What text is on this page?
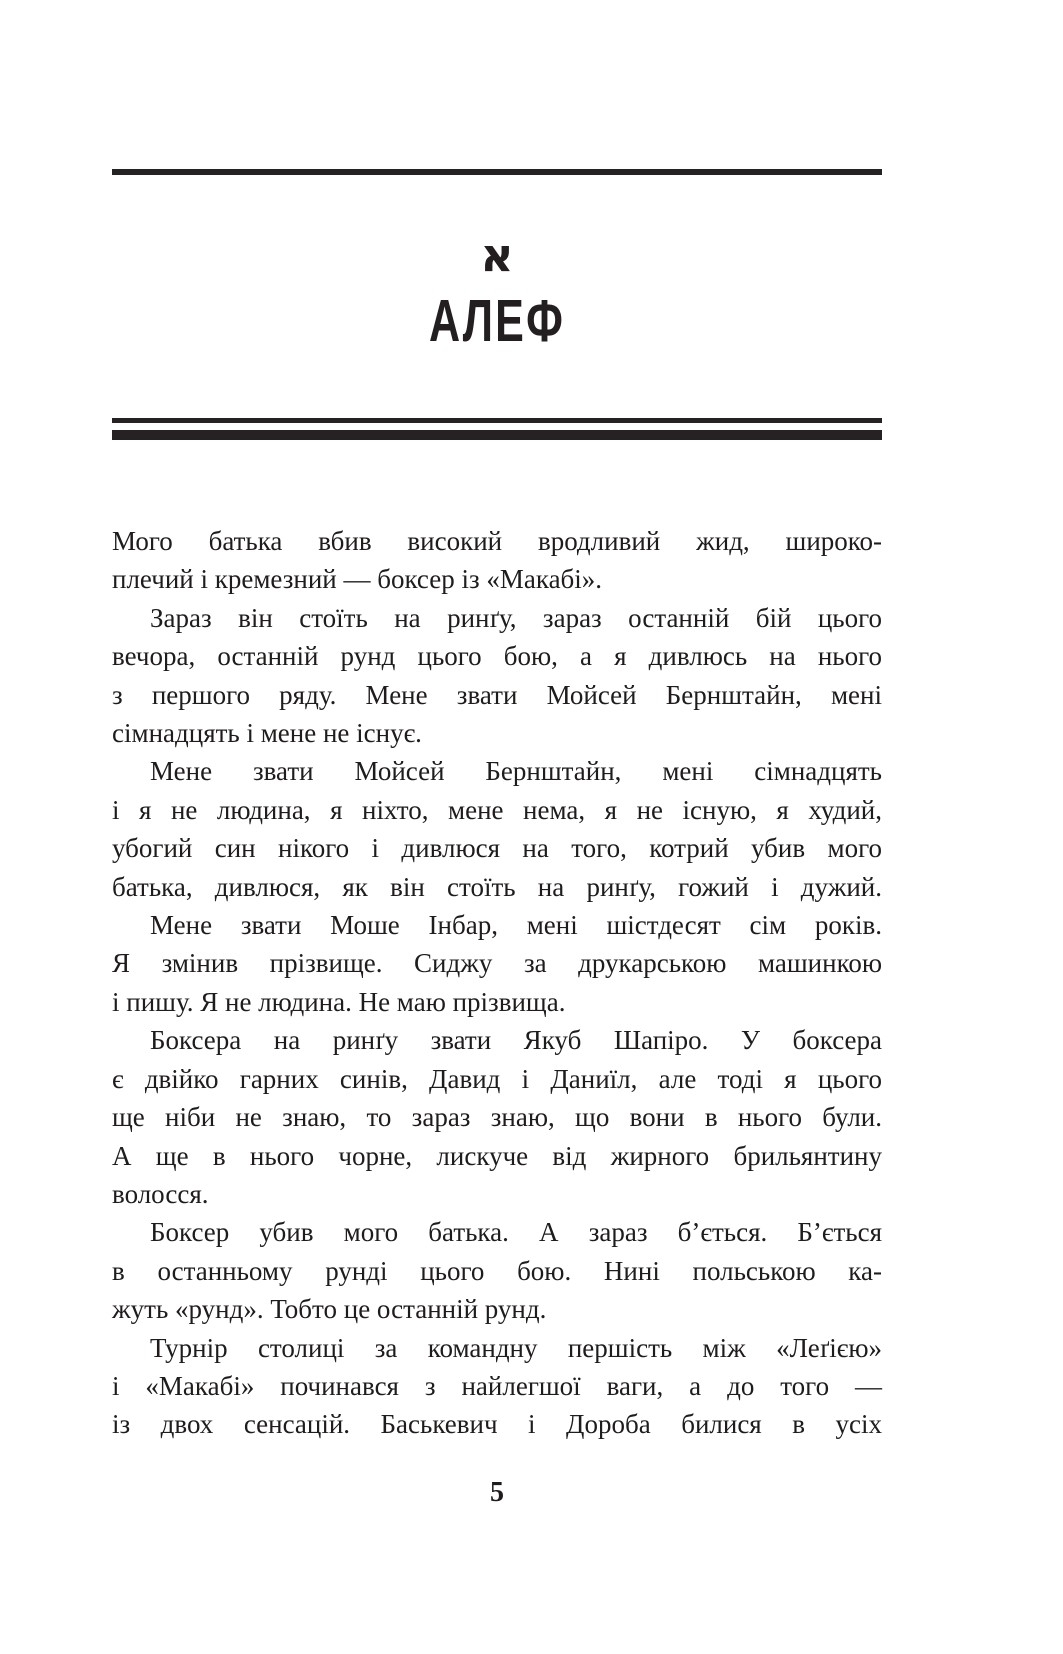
א
АЛЕФ
Мого батька вбив високий вродливий жид, широко-
плечий і кремезний — боксер із «Макабі».
Зараз він стоїть на ринґу, зараз останній бій цього
вечора, останній рунд цього бою, а я дивлюсь на нього
з першого ряду. Мене звати Мойсей Бернштайн, мені
сімнадцять і мене не існує.
Мене звати Мойсей Бернштайн, мені сімнадцять
і я не людина, я ніхто, мене нема, я не існую, я худий,
убогий син нікого і дивлюся на того, котрий убив мого
батька, дивлюся, як він стоїть на ринґу, гожий і дужий.
Мене звати Моше Інбар, мені шістдесят сім років.
Я змінив прізвище. Сиджу за друкарською машинкою
і пишу. Я не людина. Не маю прізвища.
Боксера на ринґу звати Якуб Шапіро. У боксера
є двійко гарних синів, Давид і Даниїл, але тоді я цього
ще ніби не знаю, то зараз знаю, що вони в нього були.
А ще в нього чорне, лискуче від жирного брильянтину
волосся.
Боксер убив мого батька. А зараз б’ється. Б’ється
в останньому рунді цього бою. Нині польською ка-
жуть «рунд». Тобто це останній рунд.
Турнір столиці за командну першість між «Леґією»
і «Макабі» починався з найлегшої ваги, а до того —
із двох сенсацій. Баськевич і Дороба билися в усіх
5
